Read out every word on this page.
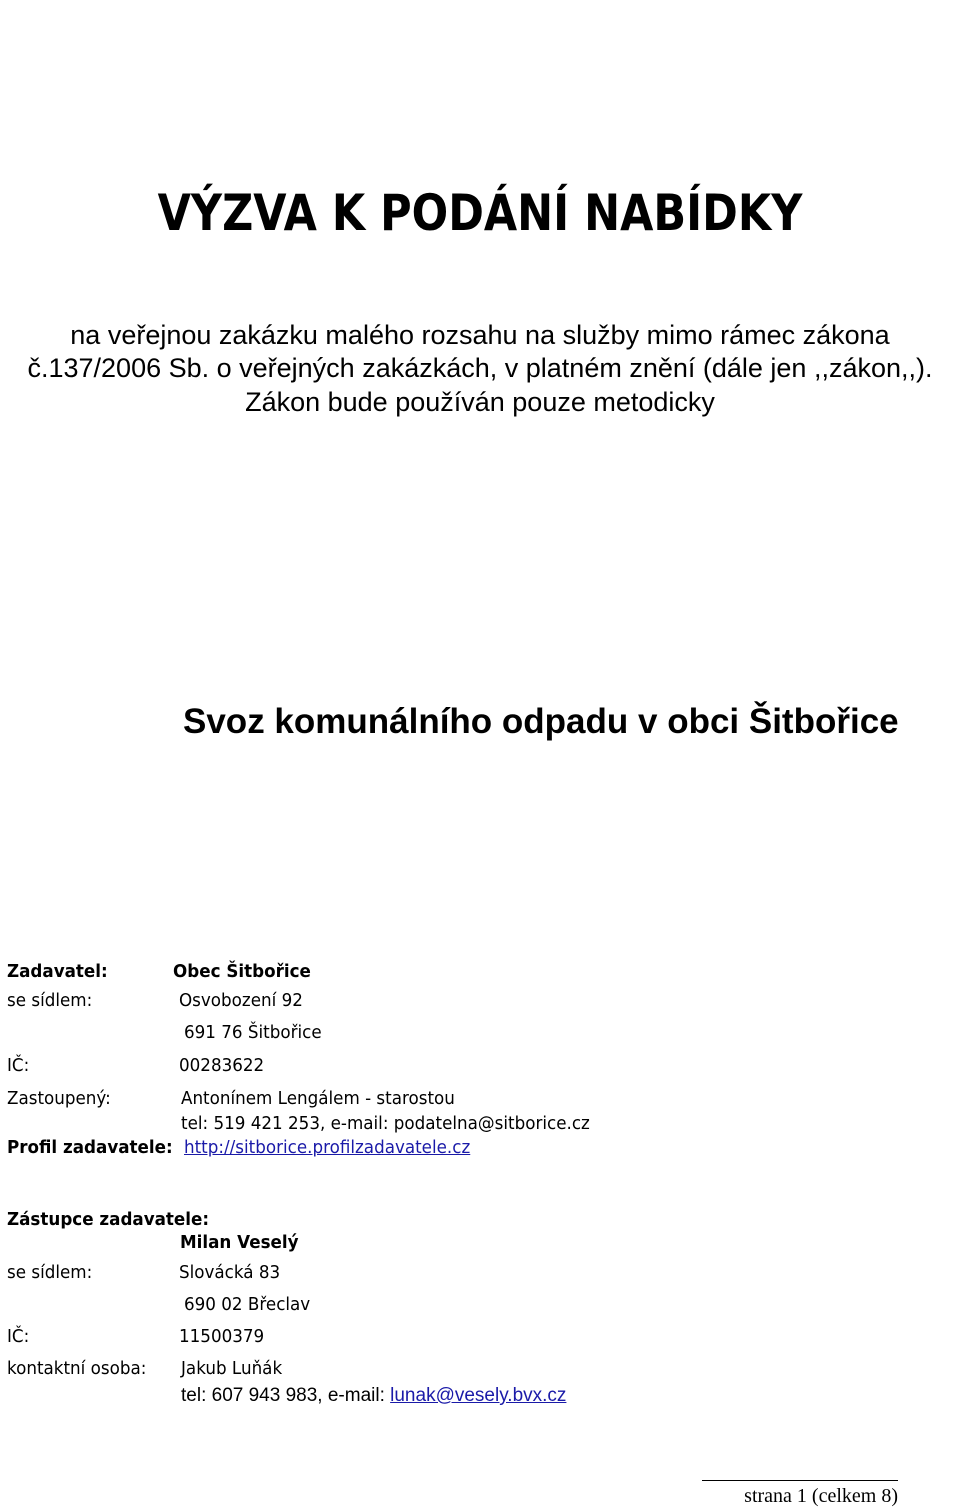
VÝZVA K PODÁNÍ NABÍDKY
na veřejnou zakázku malého rozsahu na služby mimo rámec zákona
č.137/2006 Sb. o veřejných zakázkách, v platném znění (dále jen ,,zákon,,).
Zákon bude používán pouze metodicky
Svoz komunálního odpadu v obci Šitbořice
Zadavatel:	Obec Šitbořice
se sídlem:	Osvobození 92
691 76 Šitbořice
IČ:	00283622
Zastoupený:	Antonínem Lengálem - starostou
tel: 519 421 253, e-mail: podatelna@sitborice.cz
Profil zadavatele: http://sitborice.profilzadavatele.cz
Zástupce zadavatele:
Milan Veselý
se sídlem:	Slovácká 83
690 02 Břeclav
IČ:	11500379
kontaktní osoba: Jakub Luňák
tel: 607 943 983, e-mail: lunak@vesely.bvx.cz
strana 1 (celkem 8)
